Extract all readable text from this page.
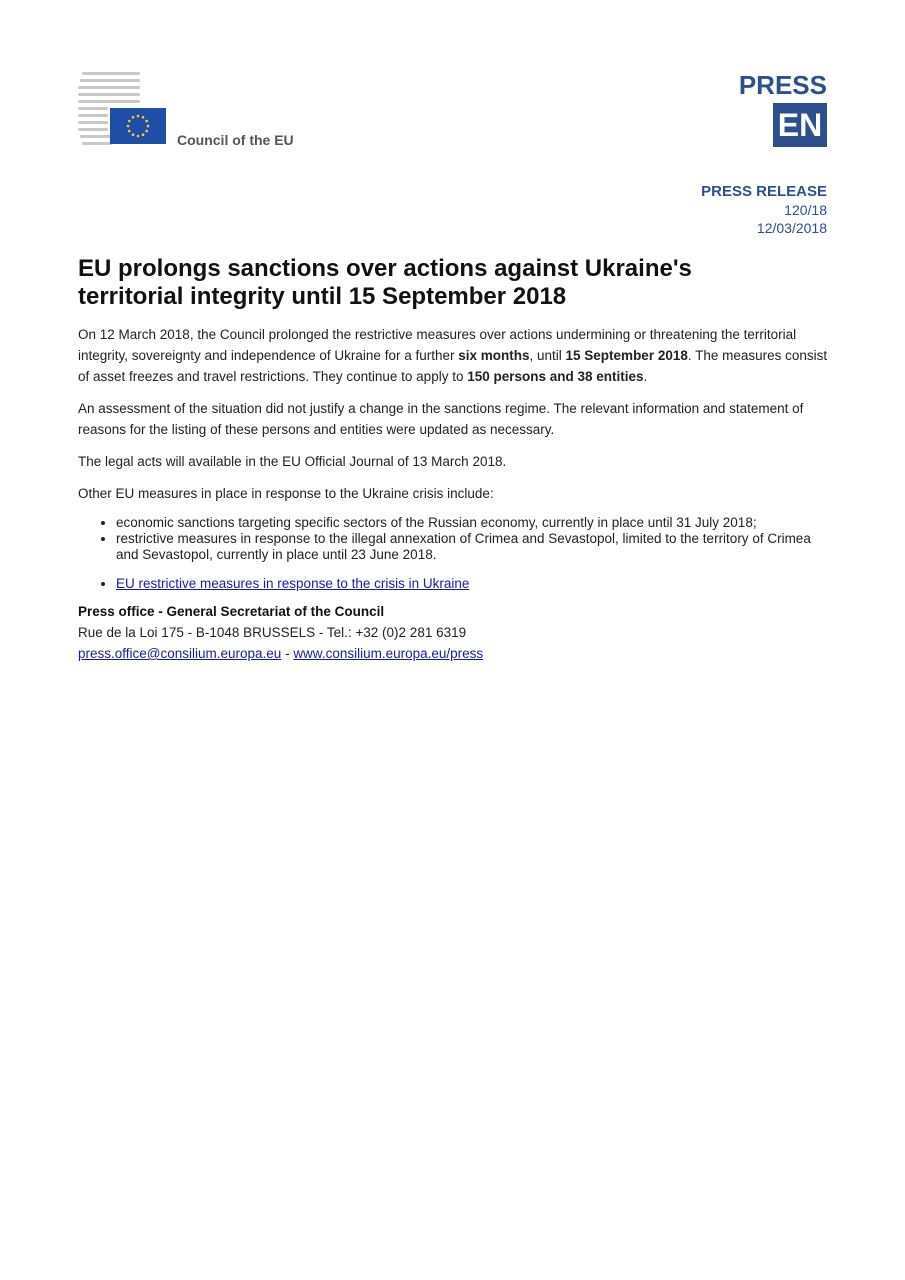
Council of the EU
PRESS
EN
PRESS RELEASE
120/18
12/03/2018
EU prolongs sanctions over actions against Ukraine's territorial integrity until 15 September 2018

On 12 March 2018, the Council prolonged the restrictive measures over actions undermining or threatening the territorial integrity, sovereignty and independence of Ukraine for a further six months, until 15 September 2018. The measures consist of asset freezes and travel restrictions. They continue to apply to 150 persons and 38 entities.

An assessment of the situation did not justify a change in the sanctions regime. The relevant information and statement of reasons for the listing of these persons and entities were updated as necessary.

The legal acts will available in the EU Official Journal of 13 March 2018.

Other EU measures in place in response to the Ukraine crisis include:

• economic sanctions targeting specific sectors of the Russian economy, currently in place until 31 July 2018;
• restrictive measures in response to the illegal annexation of Crimea and Sevastopol, limited to the territory of Crimea and Sevastopol, currently in place until 23 June 2018.
• EU restrictive measures in response to the crisis in Ukraine
Press office - General Secretariat of the Council
Rue de la Loi 175 - B-1048 BRUSSELS - Tel.: +32 (0)2 281 6319
press.office@consilium.europa.eu - www.consilium.europa.eu/press
